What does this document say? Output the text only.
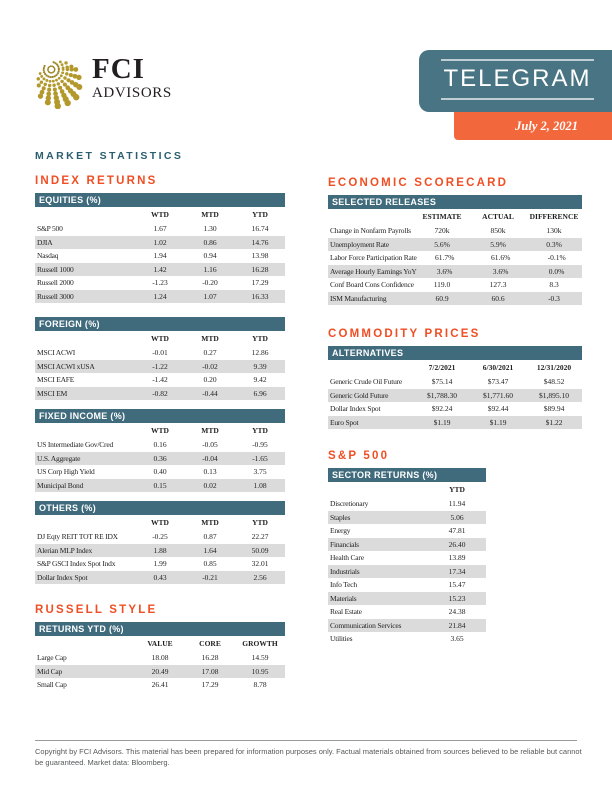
FCI
ADVISORS
TELEGRAM
July 2, 2021
MARKET STATISTICS
INDEX RETURNS
EQUITIES (%)
WTD	MTD	YTD
S&P 500	1.67	1.30	16.74
DJIA	1.02	0.86	14.76
Nasdaq	1.94	0.94	13.98
Russell 1000	1.42	1.16	16.28
Russell 2000	-1.23	-0.20	17.29
Russell 3000	1.24	1.07	16.33
FOREIGN (%)
WTD	MTD	YTD
MSCI ACWI	-0.01	0.27	12.86
MSCI ACWI xUSA	-1.22	-0.02	9.39
MSCI EAFE	-1.42	0.20	9.42
MSCI EM	-0.82	-0.44	6.96
FIXED INCOME (%)
WTD	MTD	YTD
US Intermediate Gov/Cred	0.16	-0.05	-0.95
U.S. Aggregate	0.36	-0.04	-1.65
US Corp High Yield	0.40	0.13	3.75
Municipal Bond	0.15	0.02	1.08
OTHERS (%)
WTD	MTD	YTD
DJ Eqty REIT TOT RE IDX	-0.25	0.87	22.27
Alerian MLP Index	1.88	1.64	50.09
S&P GSCI Index Spot Indx	1.99	0.85	32.01
Dollar Index Spot	0.43	-0.21	2.56
RUSSELL STYLE
RETURNS YTD (%)
VALUE	CORE	GROWTH
Large Cap	18.08	16.28	14.59
Mid Cap	20.49	17.08	10.95
Small Cap	26.41	17.29	8.78
ECONOMIC SCORECARD
SELECTED RELEASES
ESTIMATE	ACTUAL	DIFFERENCE
Change in Nonfarm Payrolls	720k	850k	130k
Unemployment Rate	5.6%	5.9%	0.3%
Labor Force Participation Rate	61.7%	61.6%	-0.1%
Average Hourly Earnings YoY	3.6%	3.6%	0.0%
Conf Board Cons Confidence	119.0	127.3	8.3
ISM Manufacturing	60.9	60.6	-0.3
COMMODITY PRICES
ALTERNATIVES
7/2/2021	6/30/2021	12/31/2020
Generic Crude Oil Future	$75.14	$73.47	$48.52
Generic Gold Future	$1,788.30	$1,771.60	$1,895.10
Dollar Index Spot	$92.24	$92.44	$89.94
Euro Spot	$1.19	$1.19	$1.22
S&P 500
SECTOR RETURNS (%)
YTD
Discretionary	11.94
Staples	5.06
Energy	47.81
Financials	26.40
Health Care	13.89
Industrials	17.34
Info Tech	15.47
Materials	15.23
Real Estate	24.38
Communication Services	21.84
Utilities	3.65

Copyright by FCI Advisors. This material has been prepared for information purposes only. Factual materials obtained from sources believed to be reliable but cannot be guaranteed. Market data: Bloomberg.
